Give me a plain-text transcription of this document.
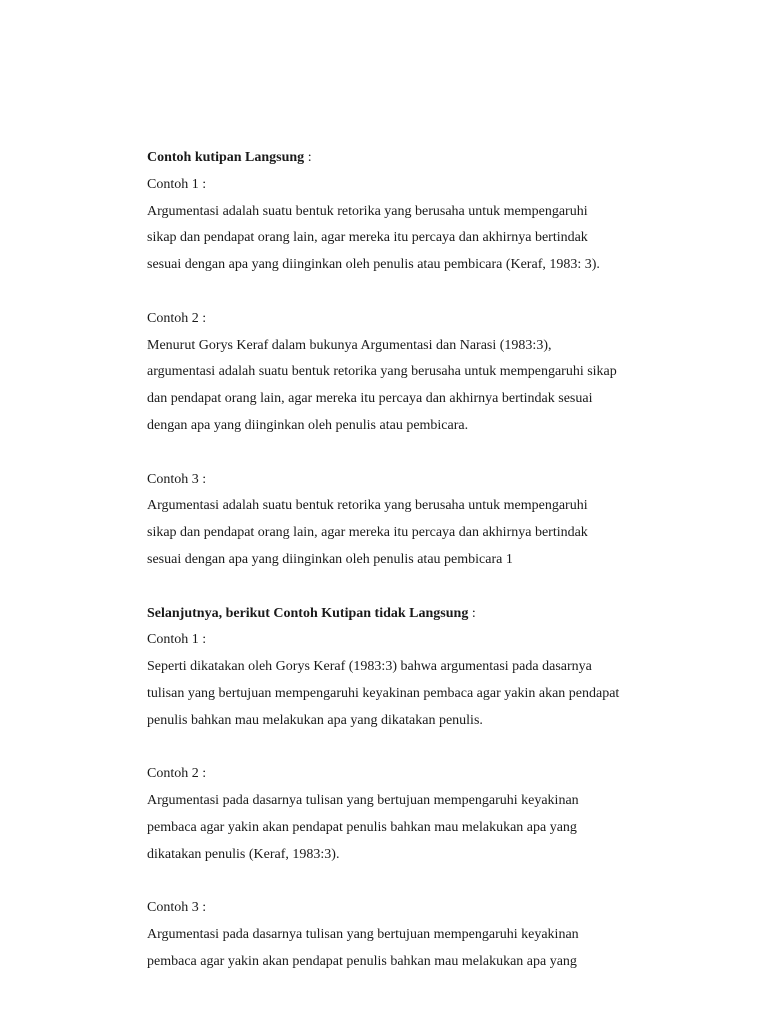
Contoh kutipan Langsung :
Contoh 1 :
Argumentasi adalah suatu bentuk retorika yang berusaha untuk mempengaruhi
sikap dan pendapat orang lain, agar mereka itu percaya dan akhirnya bertindak
sesuai dengan apa yang diinginkan oleh penulis atau pembicara (Keraf, 1983: 3).
Contoh 2 :
Menurut Gorys Keraf dalam bukunya Argumentasi dan Narasi (1983:3),
argumentasi adalah suatu bentuk retorika yang berusaha untuk mempengaruhi sikap
dan pendapat orang lain, agar mereka itu percaya dan akhirnya bertindak sesuai
dengan apa yang diinginkan oleh penulis atau pembicara.
Contoh 3 :
Argumentasi adalah suatu bentuk retorika yang berusaha untuk mempengaruhi
sikap dan pendapat orang lain, agar mereka itu percaya dan akhirnya bertindak
sesuai dengan apa yang diinginkan oleh penulis atau pembicara 1
Selanjutnya, berikut Contoh Kutipan tidak Langsung :
Contoh 1 :
Seperti dikatakan oleh Gorys Keraf (1983:3) bahwa argumentasi pada dasarnya
tulisan yang bertujuan mempengaruhi keyakinan pembaca agar yakin akan pendapat
penulis bahkan mau melakukan apa yang dikatakan penulis.
Contoh 2 :
Argumentasi pada dasarnya tulisan yang bertujuan mempengaruhi keyakinan
pembaca agar yakin akan pendapat penulis bahkan mau melakukan apa yang
dikatakan penulis (Keraf, 1983:3).
Contoh 3 :
Argumentasi pada dasarnya tulisan yang bertujuan mempengaruhi keyakinan
pembaca agar yakin akan pendapat penulis bahkan mau melakukan apa yang
